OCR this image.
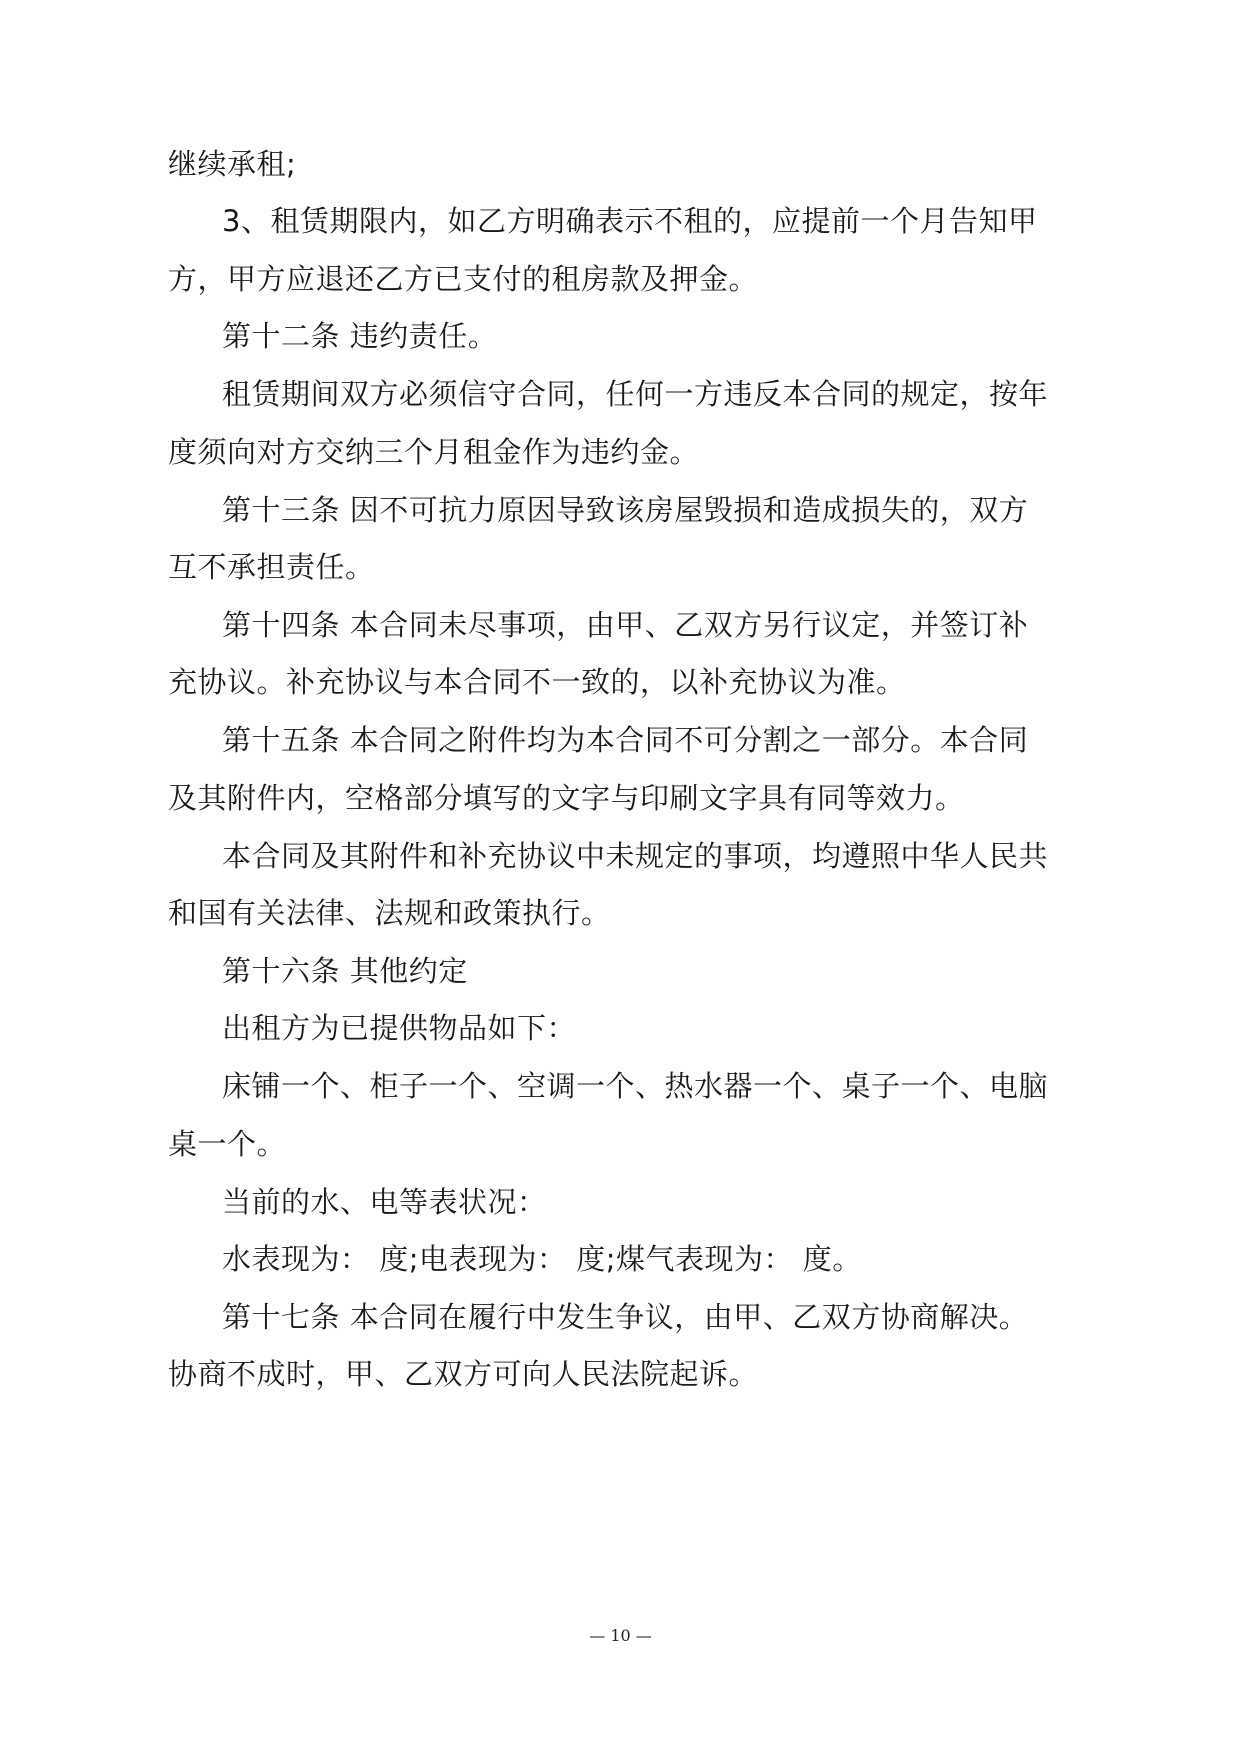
继续承租;

3、租赁期限内，如乙方明确表示不租的，应提前一个月告知甲

方，甲方应退还乙方已支付的租房款及押金。

第十二条 违约责任。

租赁期间双方必须信守合同，任何一方违反本合同的规定，按年

度须向对方交纳三个月租金作为违约金。

第十三条 因不可抗力原因导致该房屋毁损和造成损失的，双方

互不承担责任。

第十四条 本合同未尽事项，由甲、乙双方另行议定，并签订补

充协议。补充协议与本合同不一致的，以补充协议为准。

第十五条 本合同之附件均为本合同不可分割之一部分。本合同

及其附件内，空格部分填写的文字与印刷文字具有同等效力。

本合同及其附件和补充协议中未规定的事项，均遵照中华人民共

和国有关法律、法规和政策执行。

第十六条 其他约定

出租方为已提供物品如下：

床铺一个、柜子一个、空调一个、热水器一个、桌子一个、电脑

桌一个。

当前的水、电等表状况：

水表现为： 度;电表现为： 度;煤气表现为： 度。

第十七条 本合同在履行中发生争议，由甲、乙双方协商解决。

协商不成时，甲、乙双方可向人民法院起诉。

— 10 —
